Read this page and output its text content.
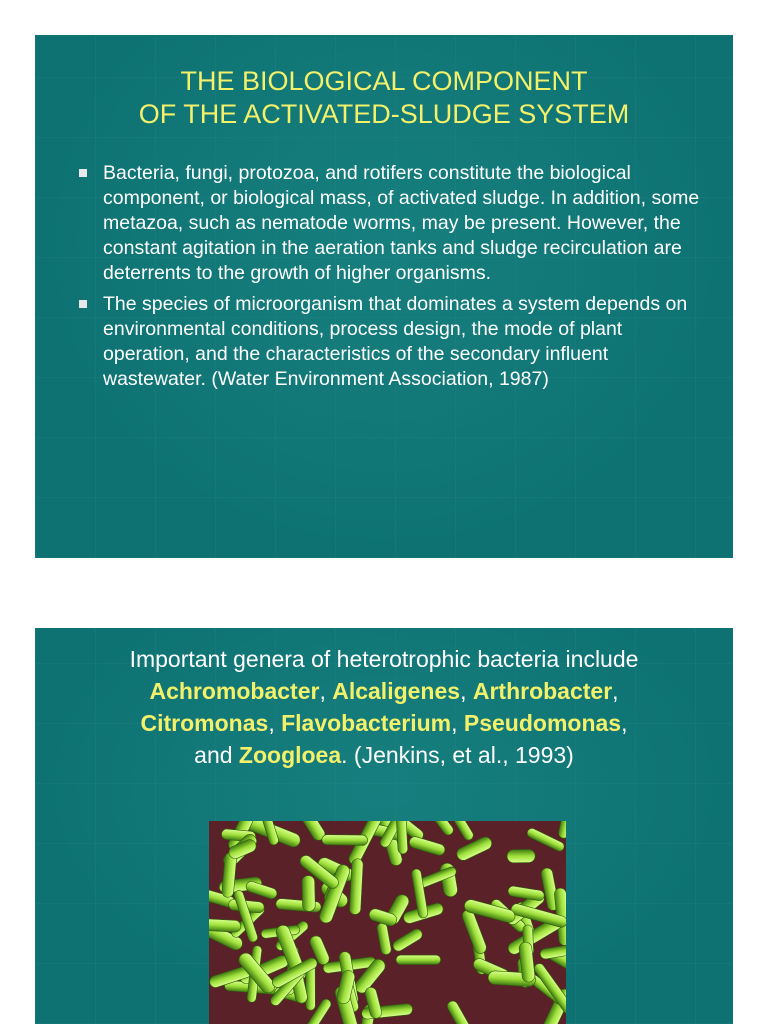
THE BIOLOGICAL COMPONENT
OF THE ACTIVATED-SLUDGE SYSTEM
Bacteria, fungi, protozoa, and rotifers constitute the biological component, or biological mass, of activated sludge. In addition, some metazoa, such as nematode worms, may be present. However, the constant agitation in the aeration tanks and sludge recirculation are deterrents to the growth of higher organisms.
The species of microorganism that dominates a system depends on environmental conditions, process design, the mode of plant operation, and the characteristics of the secondary influent wastewater. (Water Environment Association, 1987)
Important genera of heterotrophic bacteria include
Achromobacter, Alcaligenes, Arthrobacter,
Citromonas, Flavobacterium, Pseudomonas,
and Zoogloea. (Jenkins, et al., 1993)
